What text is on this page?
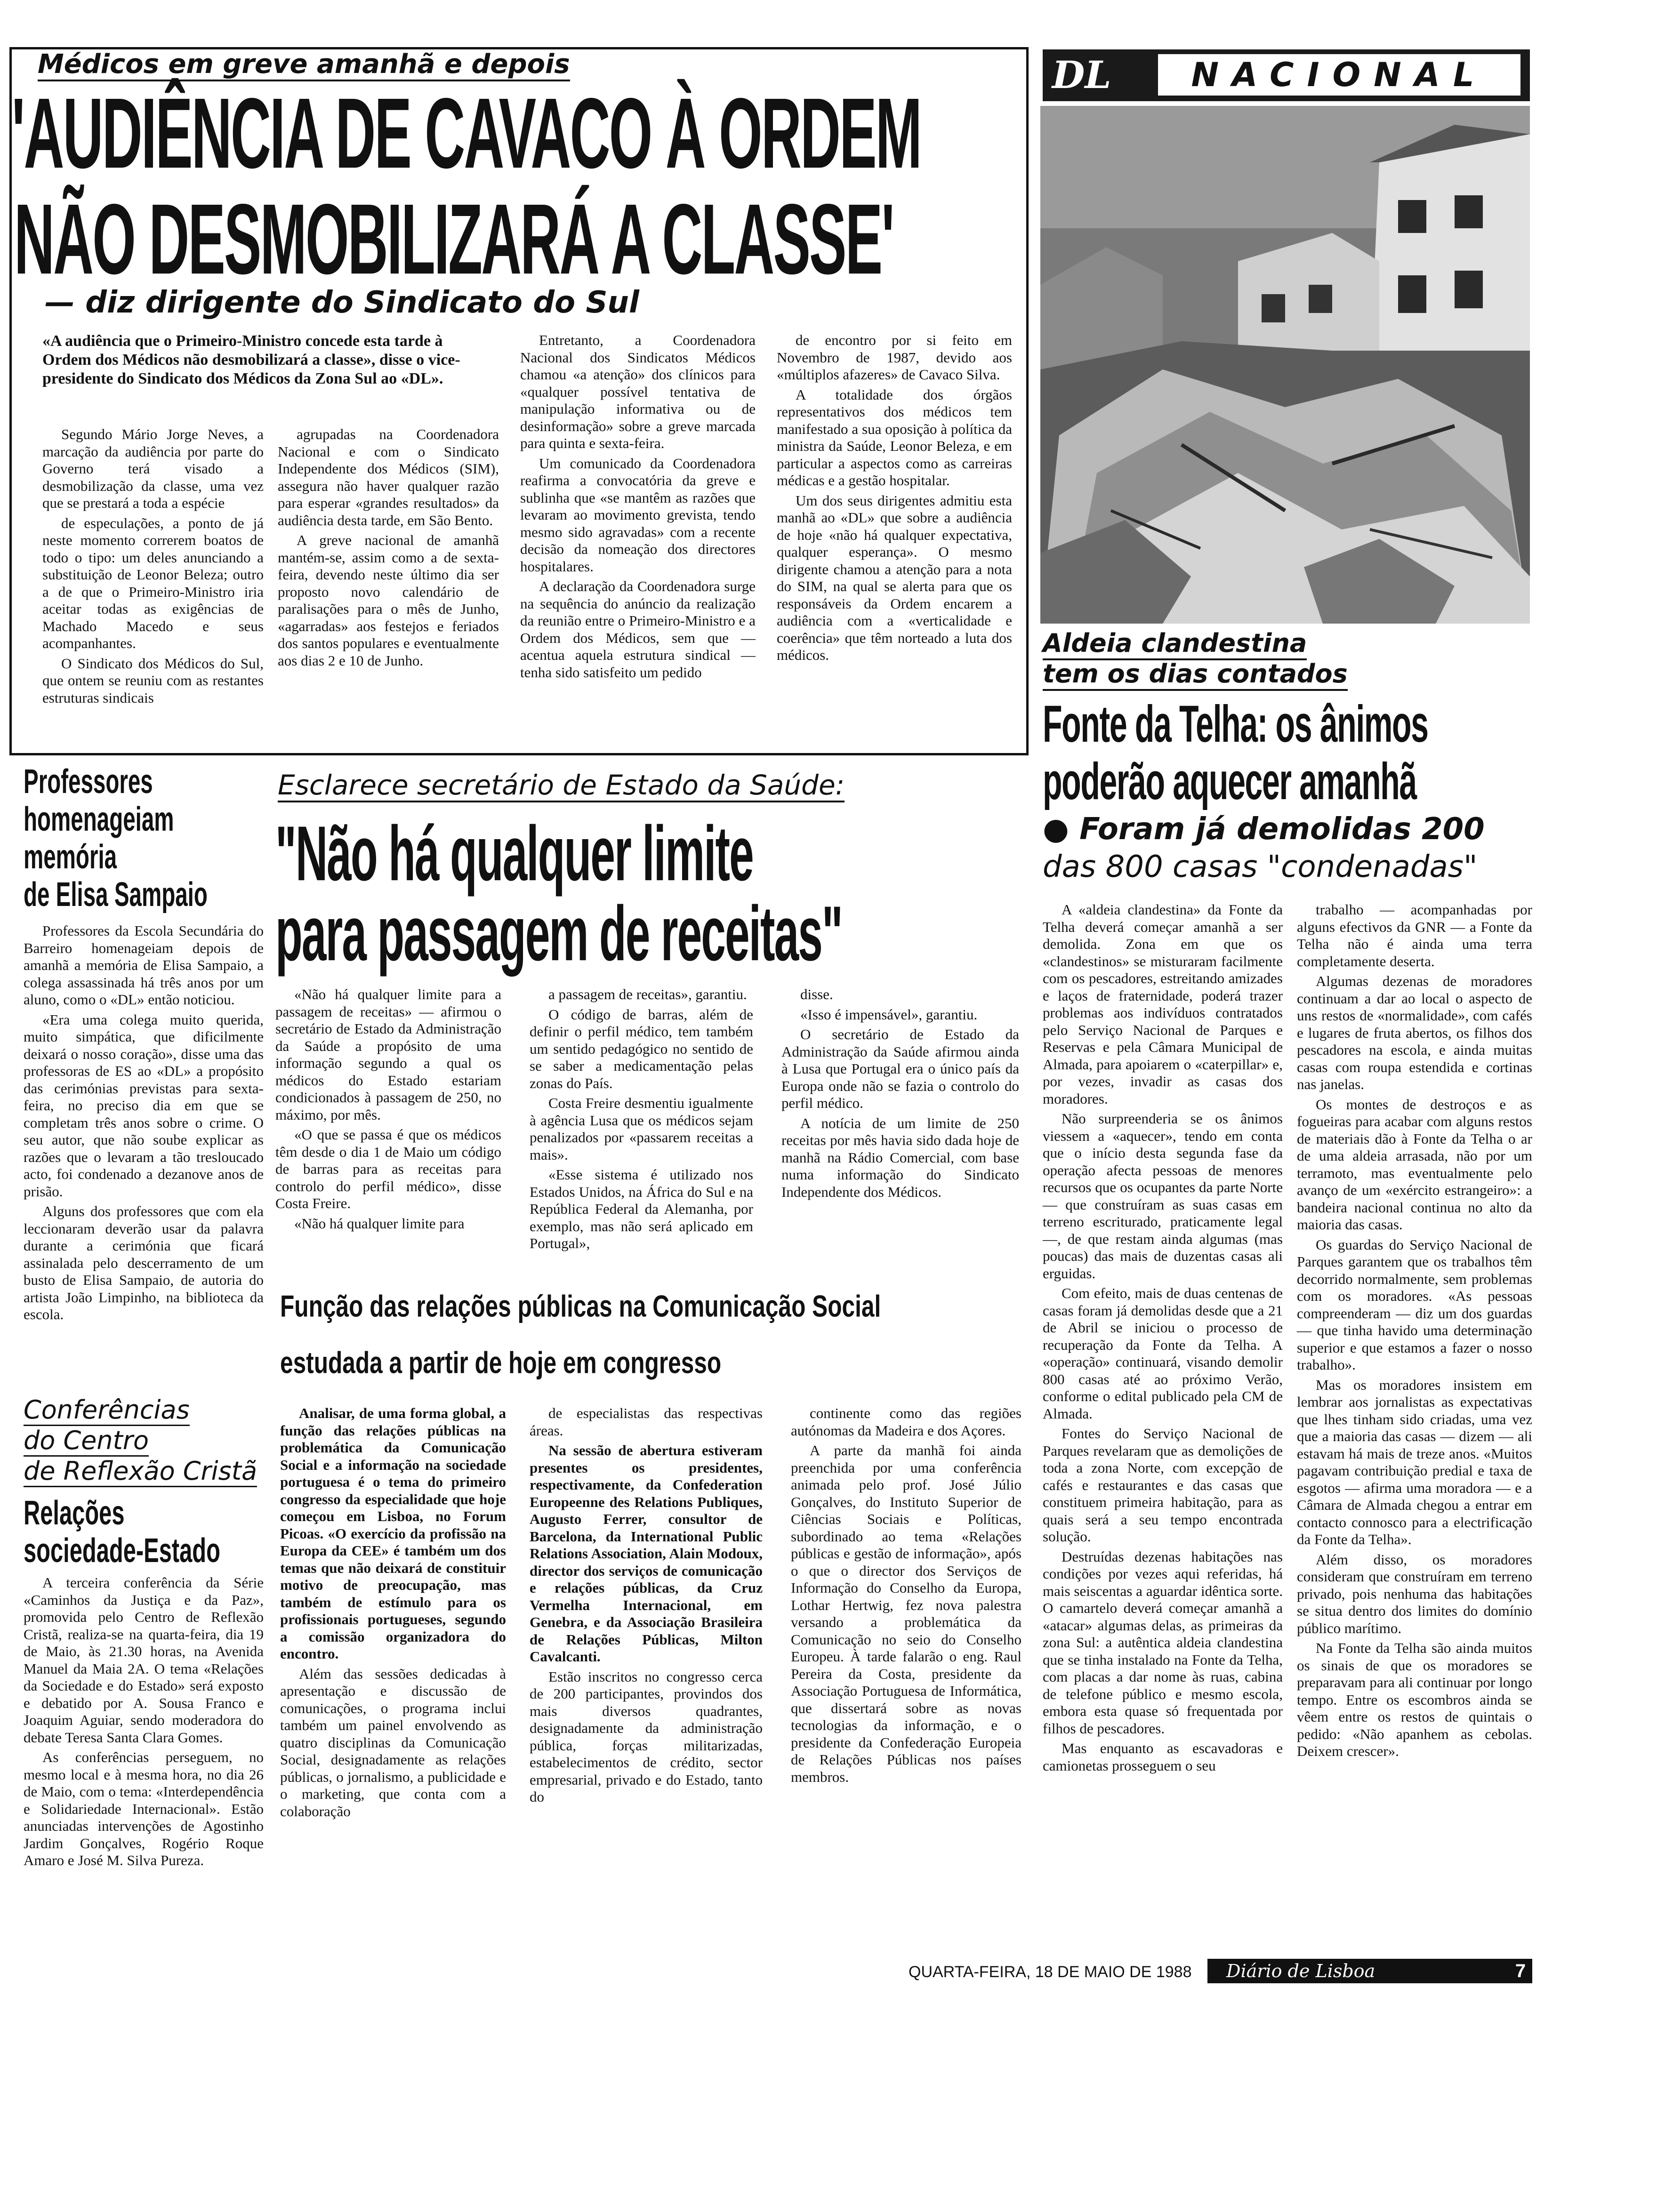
Médicos em greve amanhã e depois
'AUDIÊNCIA DE CAVACO À ORDEM
NÃO DESMOBILIZARÁ A CLASSE'
— diz dirigente do Sindicato do Sul
«A audiência que o Primeiro-Ministro concede esta tarde à Ordem dos Médicos não desmobilizará a classe», disse o vice-presidente do Sindicato dos Médicos da Zona Sul ao «DL».

Segundo Mário Jorge Neves, a marcação da audiência por parte do Governo terá visado a desmobilização da classe, uma vez que se prestará a toda a espécie

de especulações, a ponto de já neste momento correrem boatos de todo o tipo: um deles anunciando a substituição de Leonor Beleza; outro a de que o Primeiro-Ministro iria aceitar todas as exigências de Machado Macedo e seus acompanhantes.

O Sindicato dos Médicos do Sul, que ontem se reuniu com as restantes estruturas sindicais

agrupadas na Coordenadora Nacional e com o Sindicato Independente dos Médicos (SIM), assegura não haver qualquer razão para esperar «grandes resultados» da audiência desta tarde, em São Bento.

A greve nacional de amanhã mantém-se, assim como a de sexta-feira, devendo neste último dia ser proposto novo calendário de paralisações para o mês de Junho, «agarradas» aos festejos e feriados dos santos populares e eventualmente aos dias 2 e 10 de Junho.

Entretanto, a Coordenadora Nacional dos Sindicatos Médicos chamou «a atenção» dos clínicos para «qualquer possível tentativa de manipulação informativa ou de desinformação» sobre a greve marcada para quinta e sexta-feira.

Um comunicado da Coordenadora reafirma a convocatória da greve e sublinha que «se mantêm as razões que levaram ao movimento grevista, tendo mesmo sido agravadas» com a recente decisão da nomeação dos directores hospitalares.

A declaração da Coordenadora surge na sequência do anúncio da realização da reunião entre o Primeiro-Ministro e a Ordem dos Médicos, sem que — acentua aquela estrutura sindical — tenha sido satisfeito um pedido

de encontro por si feito em Novembro de 1987, devido aos «múltiplos afazeres» de Cavaco Silva.

A totalidade dos órgãos representativos dos médicos tem manifestado a sua oposição à política da ministra da Saúde, Leonor Beleza, e em particular a aspectos como as carreiras médicas e a gestão hospitalar.

Um dos seus dirigentes admitiu esta manhã ao «DL» que sobre a audiência de hoje «não há qualquer expectativa, qualquer esperança». O mesmo dirigente chamou a atenção para a nota do SIM, na qual se alerta para que os responsáveis da Ordem encarem a audiência com a «verticalidade e coerência» que têm norteado a luta dos médicos.

DL	NACIONAL
Aldeia clandestina
tem os dias contados
Fonte da Telha: os ânimos
poderão aquecer amanhã
● Foram já demolidas 200
das 800 casas "condenadas"

A «aldeia clandestina» da Fonte da Telha deverá começar amanhã a ser demolida. Zona em que os «clandestinos» se misturaram facilmente com os pescadores, estreitando amizades e laços de fraternidade, poderá trazer problemas aos indivíduos contratados pelo Serviço Nacional de Parques e Reservas e pela Câmara Municipal de Almada, para apoiarem o «caterpillar» e, por vezes, invadir as casas dos moradores.

Não surpreenderia se os ânimos viessem a «aquecer», tendo em conta que o início desta segunda fase da operação afecta pessoas de menores recursos que os ocupantes da parte Norte — que construíram as suas casas em terreno escriturado, praticamente legal —, de que restam ainda algumas (mas poucas) das mais de duzentas casas ali erguidas.

Com efeito, mais de duas centenas de casas foram já demolidas desde que a 21 de Abril se iniciou o processo de recuperação da Fonte da Telha. A «operação» continuará, visando demolir 800 casas até ao próximo Verão, conforme o edital publicado pela CM de Almada.

Fontes do Serviço Nacional de Parques revelaram que as demolições de toda a zona Norte, com excepção de cafés e restaurantes e das casas que constituem primeira habitação, para as quais será a seu tempo encontrada solução.

Destruídas dezenas habitações nas condições por vezes aqui referidas, há mais seiscentas a aguardar idêntica sorte. O camartelo deverá começar amanhã a «atacar» algumas delas, as primeiras da zona Sul: a autêntica aldeia clandestina que se tinha instalado na Fonte da Telha, com placas a dar nome às ruas, cabina de telefone público e mesmo escola, embora esta quase só frequentada por filhos de pescadores.

Mas enquanto as escavadoras e camionetas prosseguem o seu

trabalho — acompanhadas por alguns efectivos da GNR — a Fonte da Telha não é ainda uma terra completamente deserta.

Algumas dezenas de moradores continuam a dar ao local o aspecto de uns restos de «normalidade», com cafés e lugares de fruta abertos, os filhos dos pescadores na escola, e ainda muitas casas com roupa estendida e cortinas nas janelas.

Os montes de destroços e as fogueiras para acabar com alguns restos de materiais dão à Fonte da Telha o ar de uma aldeia arrasada, não por um terramoto, mas eventualmente pelo avanço de um «exército estrangeiro»: a bandeira nacional continua no alto da maioria das casas.

Os guardas do Serviço Nacional de Parques garantem que os trabalhos têm decorrido normalmente, sem problemas com os moradores. «As pessoas compreenderam — diz um dos guardas — que tinha havido uma determinação superior e que estamos a fazer o nosso trabalho».

Mas os moradores insistem em lembrar aos jornalistas as expectativas que lhes tinham sido criadas, uma vez que a maioria das casas — dizem — ali estavam há mais de treze anos. «Muitos pagavam contribuição predial e taxa de esgotos — afirma uma moradora — e a Câmara de Almada chegou a entrar em contacto connosco para a electrificação da Fonte da Telha».

Além disso, os moradores consideram que construíram em terreno privado, pois nenhuma das habitações se situa dentro dos limites do domínio público marítimo.

Na Fonte da Telha são ainda muitos os sinais de que os moradores se preparavam para ali continuar por longo tempo. Entre os escombros ainda se vêem entre os restos de quintais o pedido: «Não apanhem as cebolas. Deixem crescer».

Professores
homenageiam
memória
de Elisa Sampaio

Professores da Escola Secundária do Barreiro homenageiam depois de amanhã a memória de Elisa Sampaio, a colega assassinada há três anos por um aluno, como o «DL» então noticiou.

«Era uma colega muito querida, muito simpática, que dificilmente deixará o nosso coração», disse uma das professoras de ES ao «DL» a propósito das cerimónias previstas para sexta-feira, no preciso dia em que se completam três anos sobre o crime. O seu autor, que não soube explicar as razões que o levaram a tão tresloucado acto, foi condenado a dezanove anos de prisão.

Alguns dos professores que com ela leccionaram deverão usar da palavra durante a cerimónia que ficará assinalada pelo descerramento de um busto de Elisa Sampaio, de autoria do artista João Limpinho, na biblioteca da escola.

Conferências
do Centro
de Reflexão Cristã
Relações
sociedade-Estado

A terceira conferência da Série «Caminhos da Justiça e da Paz», promovida pelo Centro de Reflexão Cristã, realiza-se na quarta-feira, dia 19 de Maio, às 21.30 horas, na Avenida Manuel da Maia 2A. O tema «Relações da Sociedade e do Estado» será exposto e debatido por A. Sousa Franco e Joaquim Aguiar, sendo moderadora do debate Teresa Santa Clara Gomes.

As conferências perseguem, no mesmo local e à mesma hora, no dia 26 de Maio, com o tema: «Interdependência e Solidariedade Internacional». Estão anunciadas intervenções de Agostinho Jardim Gonçalves, Rogério Roque Amaro e José M. Silva Pureza.

Esclarece secretário de Estado da Saúde:
"Não há qualquer limite
para passagem de receitas"

«Não há qualquer limite para a passagem de receitas» — afirmou o secretário de Estado da Administração da Saúde a propósito de uma informação segundo a qual os médicos do Estado estariam condicionados à passagem de 250, no máximo, por mês.

«O que se passa é que os médicos têm desde o dia 1 de Maio um código de barras para as receitas para controlo do perfil médico», disse Costa Freire.

«Não há qualquer limite para

a passagem de receitas», garantiu.

O código de barras, além de definir o perfil médico, tem também um sentido pedagógico no sentido de se saber a medicamentação pelas zonas do País.

Costa Freire desmentiu igualmente à agência Lusa que os médicos sejam penalizados por «passarem receitas a mais».

«Esse sistema é utilizado nos Estados Unidos, na África do Sul e na República Federal da Alemanha, por exemplo, mas não será aplicado em Portugal»,

disse.

«Isso é impensável», garantiu.

O secretário de Estado da Administração da Saúde afirmou ainda à Lusa que Portugal era o único país da Europa onde não se fazia o controlo do perfil médico.

A notícia de um limite de 250 receitas por mês havia sido dada hoje de manhã na Rádio Comercial, com base numa informação do Sindicato Independente dos Médicos.

Função das relações públicas na Comunicação Social
estudada a partir de hoje em congresso

Analisar, de uma forma global, a função das relações públicas na problemática da Comunicação Social e a informação na sociedade portuguesa é o tema do primeiro congresso da especialidade que hoje começou em Lisboa, no Forum Picoas. «O exercício da profissão na Europa da CEE» é também um dos temas que não deixará de constituir motivo de preocupação, mas também de estímulo para os profissionais portugueses, segundo a comissão organizadora do encontro.

Além das sessões dedicadas à apresentação e discussão de comunicações, o programa inclui também um painel envolvendo as quatro disciplinas da Comunicação Social, designadamente as relações públicas, o jornalismo, a publicidade e o marketing, que conta com a colaboração

de especialistas das respectivas áreas.

Na sessão de abertura estiveram presentes os presidentes, respectivamente, da Confederation Europeenne des Relations Publiques, Augusto Ferrer, consultor de Barcelona, da International Public Relations Association, Alain Modoux, director dos serviços de comunicação e relações públicas, da Cruz Vermelha Internacional, em Genebra, e da Associação Brasileira de Relações Públicas, Milton Cavalcanti.

Estão inscritos no congresso cerca de 200 participantes, provindos dos mais diversos quadrantes, designadamente da administração pública, forças militarizadas, estabelecimentos de crédito, sector empresarial, privado e do Estado, tanto do

continente como das regiões autónomas da Madeira e dos Açores.

A parte da manhã foi ainda preenchida por uma conferência animada pelo prof. José Júlio Gonçalves, do Instituto Superior de Ciências Sociais e Políticas, subordinado ao tema «Relações públicas e gestão de informação», após o que o director dos Serviços de Informação do Conselho da Europa, Lothar Hertwig, fez nova palestra versando a problemática da Comunicação no seio do Conselho Europeu. À tarde falarão o eng. Raul Pereira da Costa, presidente da Associação Portuguesa de Informática, que dissertará sobre as novas tecnologias da informação, e o presidente da Confederação Europeia de Relações Públicas nos países membros.

QUARTA-FEIRA, 18 DE MAIO DE 1988	Diário de Lisboa	7
